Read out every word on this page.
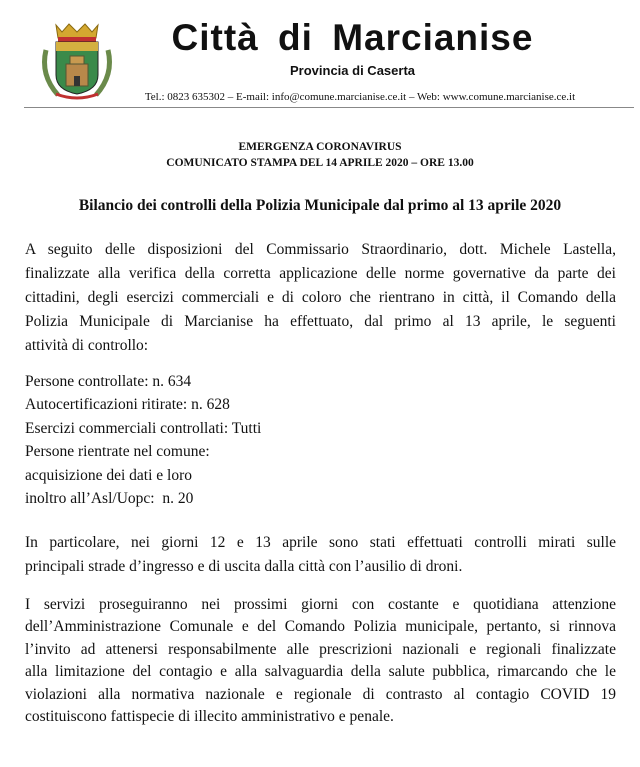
Città di Marcianise
Provincia di Caserta
Tel.: 0823 635302 – E-mail: info@comune.marcianise.ce.it – Web: www.comune.marcianise.ce.it
EMERGENZA CORONAVIRUS
COMUNICATO STAMPA DEL 14 APRILE 2020 – ORE 13.00
Bilancio dei controlli della Polizia Municipale dal primo al 13 aprile 2020
A seguito delle disposizioni del Commissario Straordinario, dott. Michele Lastella,
finalizzate alla verifica della corretta applicazione delle norme governative da parte dei
cittadini, degli esercizi commerciali e di coloro che rientrano in città, il Comando della
Polizia Municipale di Marcianise ha effettuato, dal primo al 13 aprile, le seguenti
attività di controllo:
Persone controllate: n. 634
Autocertificazioni ritirate: n. 628
Esercizi commerciali controllati: Tutti
Persone rientrate nel comune:
acquisizione dei dati e loro
inoltro all’Asl/Uopc:  n. 20
In particolare, nei giorni 12 e 13 aprile sono stati effettuati controlli mirati sulle
principali strade d’ingresso e di uscita dalla città con l’ausilio di droni.
I servizi proseguiranno nei prossimi giorni con costante e quotidiana attenzione
dell’Amministrazione Comunale e del Comando Polizia municipale, pertanto, si rinnova
l’invito ad attenersi responsabilmente alle prescrizioni nazionali e regionali finalizzate
alla limitazione del contagio e alla salvaguardia della salute pubblica, rimarcando che le
violazioni alla normativa nazionale e regionale di contrasto al contagio COVID 19
costituiscono fattispecie di illecito amministrativo e penale.
